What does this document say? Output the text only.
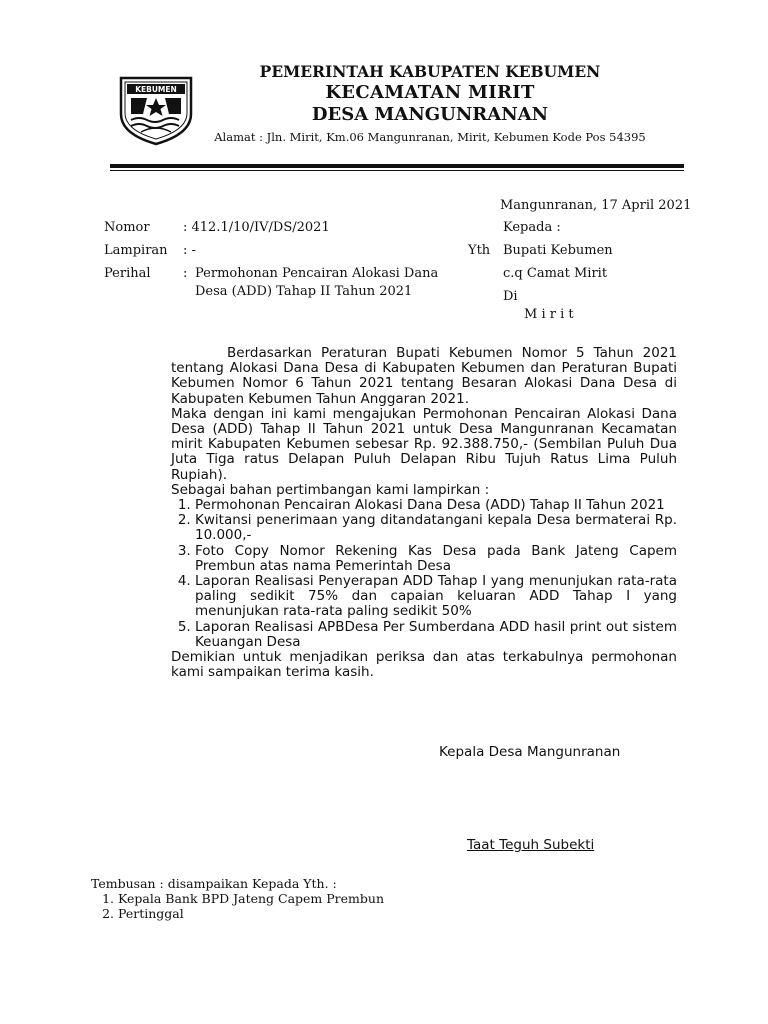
KEBUMEN
PEMERINTAH KABUPATEN KEBUMEN
KECAMATAN MIRIT
DESA MANGUNRANAN
Alamat : Jln. Mirit, Km.06 Mangunranan, Mirit, Kebumen Kode Pos 54395
Mangunranan, 17 April 2021
Nomor	: 412.1/10/IV/DS/2021
Lampiran : -
Perihal : Permohonan Pencairan Alokasi Dana
Desa (ADD) Tahap II Tahun 2021
Kepada :
Yth Bupati Kebumen
c.q Camat Mirit
Di
M i r i t

Berdasarkan Peraturan Bupati Kebumen Nomor 5 Tahun 2021 tentang Alokasi Dana Desa di Kabupaten Kebumen dan Peraturan Bupati Kebumen Nomor 6 Tahun 2021 tentang Besaran Alokasi Dana Desa di Kabupaten Kebumen Tahun Anggaran 2021.

Maka dengan ini kami mengajukan Permohonan Pencairan Alokasi Dana Desa (ADD) Tahap II Tahun 2021 untuk Desa Mangunranan Kecamatan mirit Kabupaten Kebumen sebesar Rp. 92.388.750,- (Sembilan Puluh Dua Juta Tiga ratus Delapan Puluh Delapan Ribu Tujuh Ratus Lima Puluh Rupiah).

Sebagai bahan pertimbangan kami lampirkan :

1. Permohonan Pencairan Alokasi Dana Desa (ADD) Tahap II Tahun 2021
2. Kwitansi penerimaan yang ditandatangani kepala Desa bermaterai Rp. 10.000,-
3. Foto Copy Nomor Rekening Kas Desa pada Bank Jateng Capem Prembun atas nama Pemerintah Desa
4. Laporan Realisasi Penyerapan ADD Tahap I yang menunjukan rata-rata paling sedikit 75% dan capaian keluaran ADD Tahap I yang menunjukan rata-rata paling sedikit 50%
5. Laporan Realisasi APBDesa Per Sumberdana ADD hasil print out sistem Keuangan Desa

Demikian untuk menjadikan periksa dan atas terkabulnya permohonan kami sampaikan terima kasih.

Kepala Desa Mangunranan
Taat Teguh Subekti
Tembusan : disampaikan Kepada Yth. :
1. Kepala Bank BPD Jateng Capem Prembun
2. Pertinggal
